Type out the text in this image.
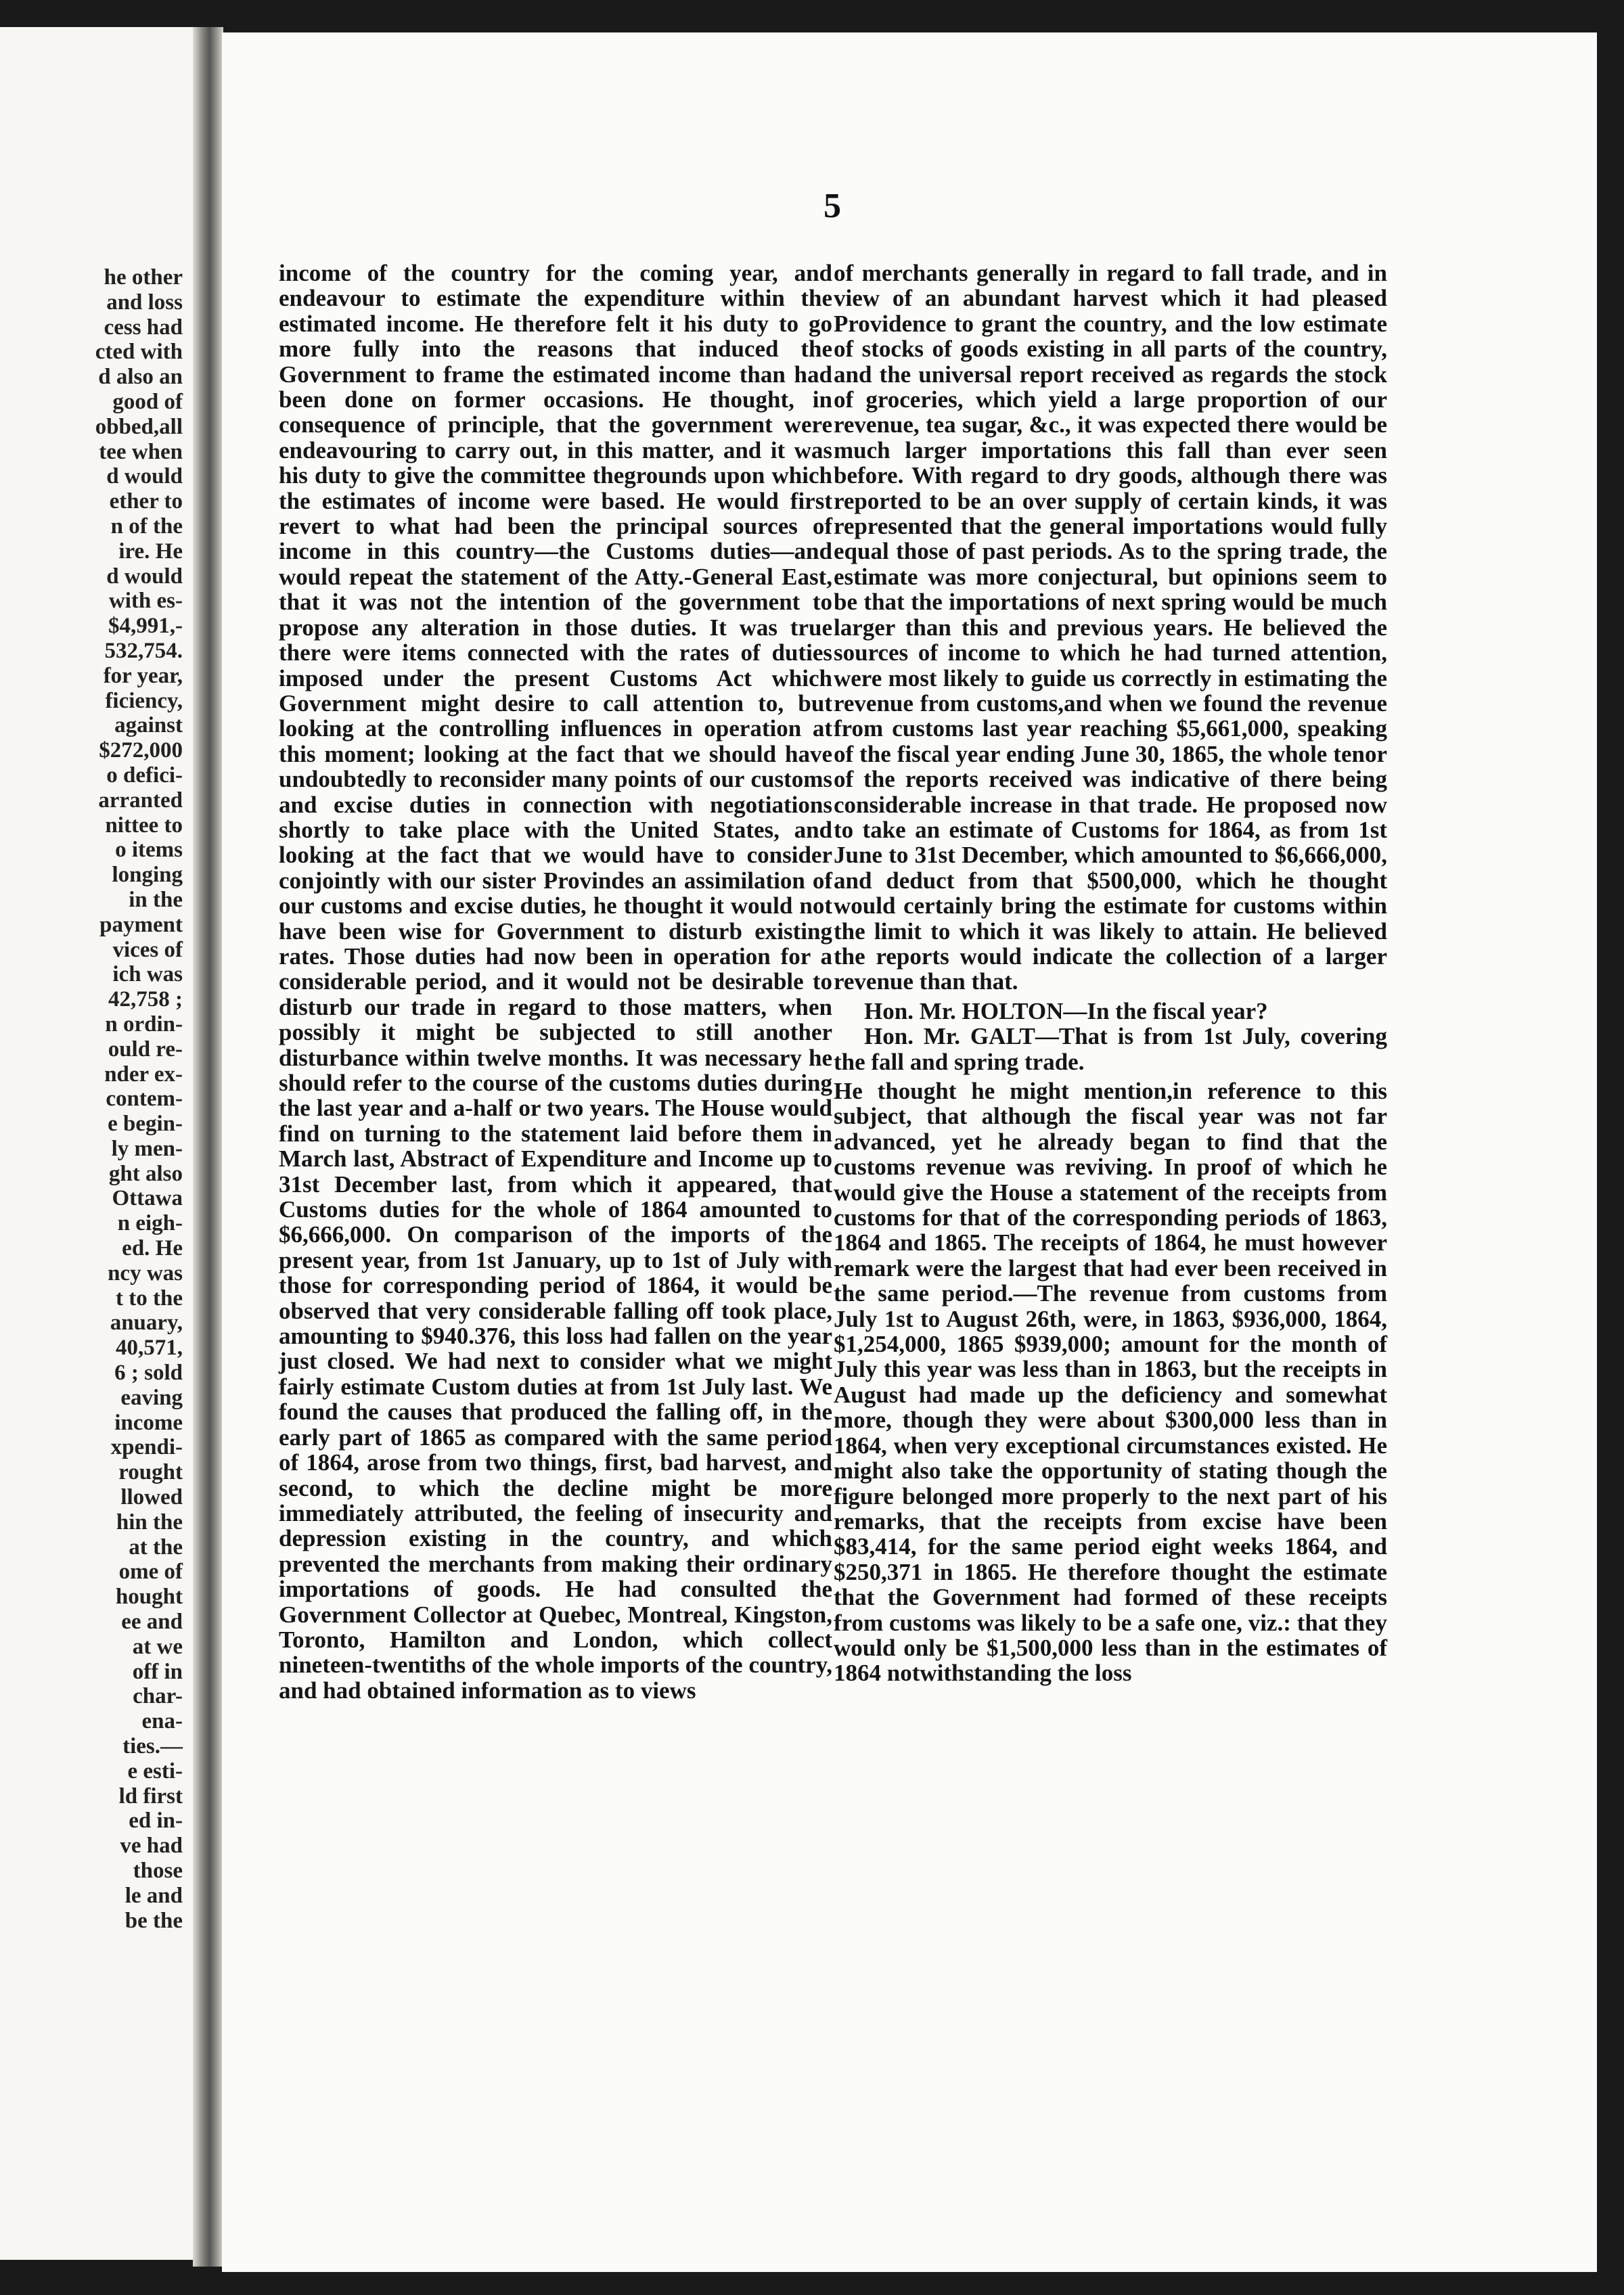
he other
and loss
cess had
cted with
d also an
good of
obbed,all
tee when
d would
ether to
n of the
ire. He
d would
with es-
$4,991,-
532,754.
for year,
ficiency,
against
$272,000
o defici-
arranted
nittee to
o items
longing
in the
payment
vices of
ich was
42,758 ;
n ordin-
ould re-
nder ex-
contem-
e begin-
ly men-
ght also
Ottawa
n eigh-
ed. He
ncy was
t to the
anuary,
40,571,
6 ; sold
eaving
income
xpendi-
rought
llowed
hin the
at the
ome of
hought
ee and
at we
off in
char-
ena-
ties.—
e esti-
ld first
ed in-
ve had
those
le and
be the
5

income of the country for the coming year, and endeavour to estimate the expenditure within the estimated income. He therefore felt it his duty to go more fully into the reasons that induced the Government to frame the estimated income than had been done on former occasions. He thought, in consequence of principle, that the government were endeavouring to carry out, in this matter, and it was his duty to give the committee thegrounds upon which the estimates of income were based. He would first revert to what had been the principal sources of income in this country—the Customs duties—and would repeat the statement of the Atty.-General East, that it was not the intention of the government to propose any alteration in those duties. It was true there were items connected with the rates of duties imposed under the present Customs Act which Government might desire to call attention to, but looking at the controlling influences in operation at this moment; looking at the fact that we should have undoubtedly to reconsider many points of our customs and excise duties in connection with negotiations shortly to take place with the United States, and looking at the fact that we would have to consider conjointly with our sister Provindes an assimilation of our customs and excise duties, he thought it would not have been wise for Government to disturb existing rates. Those duties had now been in operation for a considerable period, and it would not be desirable to disturb our trade in regard to those matters, when possibly it might be subjected to still another disturbance within twelve months. It was necessary he should refer to the course of the customs duties during the last year and a-half or two years. The House would find on turning to the statement laid before them in March last, Abstract of Expenditure and Income up to 31st December last, from which it appeared, that Customs duties for the whole of 1864 amounted to $6,666,000. On comparison of the imports of the present year, from 1st January, up to 1st of July with those for corresponding period of 1864, it would be observed that very considerable falling off took place, amounting to $940.376, this loss had fallen on the year just closed. We had next to consider what we might fairly estimate Custom duties at from 1st July last. We found the causes that produced the falling off, in the early part of 1865 as compared with the same period of 1864, arose from two things, first, bad harvest, and second, to which the decline might be more immediately attributed, the feeling of insecurity and depression existing in the country, and which prevented the merchants from making their ordinary importations of goods. He had consulted the Government Collector at Quebec, Montreal, Kingston, Toronto, Hamilton and London, which collect nineteen-twentiths of the whole imports of the country, and had obtained information as to views

of merchants generally in regard to fall trade, and in view of an abundant harvest which it had pleased Providence to grant the country, and the low estimate of stocks of goods existing in all parts of the country, and the universal report received as regards the stock of groceries, which yield a large proportion of our revenue, tea sugar, &c., it was expected there would be much larger importations this fall than ever seen before. With regard to dry goods, although there was reported to be an over supply of certain kinds, it was represented that the general importations would fully equal those of past periods. As to the spring trade, the estimate was more conjectural, but opinions seem to be that the importations of next spring would be much larger than this and previous years. He believed the sources of income to which he had turned attention, were most likely to guide us correctly in estimating the revenue from customs,and when we found the revenue from customs last year reaching $5,661,000, speaking of the fiscal year ending June 30, 1865, the whole tenor of the reports received was indicative of there being considerable increase in that trade. He proposed now to take an estimate of Customs for 1864, as from 1st June to 31st December, which amounted to $6,666,000, and deduct from that $500,000, which he thought would certainly bring the estimate for customs within the limit to which it was likely to attain. He believed the reports would indicate the collection of a larger revenue than that.

Hon. Mr. HOLTON—In the fiscal year?

Hon. Mr. GALT—That is from 1st July, covering the fall and spring trade.

He thought he might mention,in reference to this subject, that although the fiscal year was not far advanced, yet he already began to find that the customs revenue was reviving. In proof of which he would give the House a statement of the receipts from customs for that of the corresponding periods of 1863, 1864 and 1865. The receipts of 1864, he must however remark were the largest that had ever been received in the same period.—The revenue from customs from July 1st to August 26th, were, in 1863, $936,000, 1864, $1,254,000, 1865 $939,000; amount for the month of July this year was less than in 1863, but the receipts in August had made up the deficiency and somewhat more, though they were about $300,000 less than in 1864, when very exceptional circumstances existed. He might also take the opportunity of stating though the figure belonged more properly to the next part of his remarks, that the receipts from excise have been $83,414, for the same period eight weeks 1864, and $250,371 in 1865. He therefore thought the estimate that the Government had formed of these receipts from customs was likely to be a safe one, viz.: that they would only be $1,500,000 less than in the estimates of 1864 notwithstanding the loss
